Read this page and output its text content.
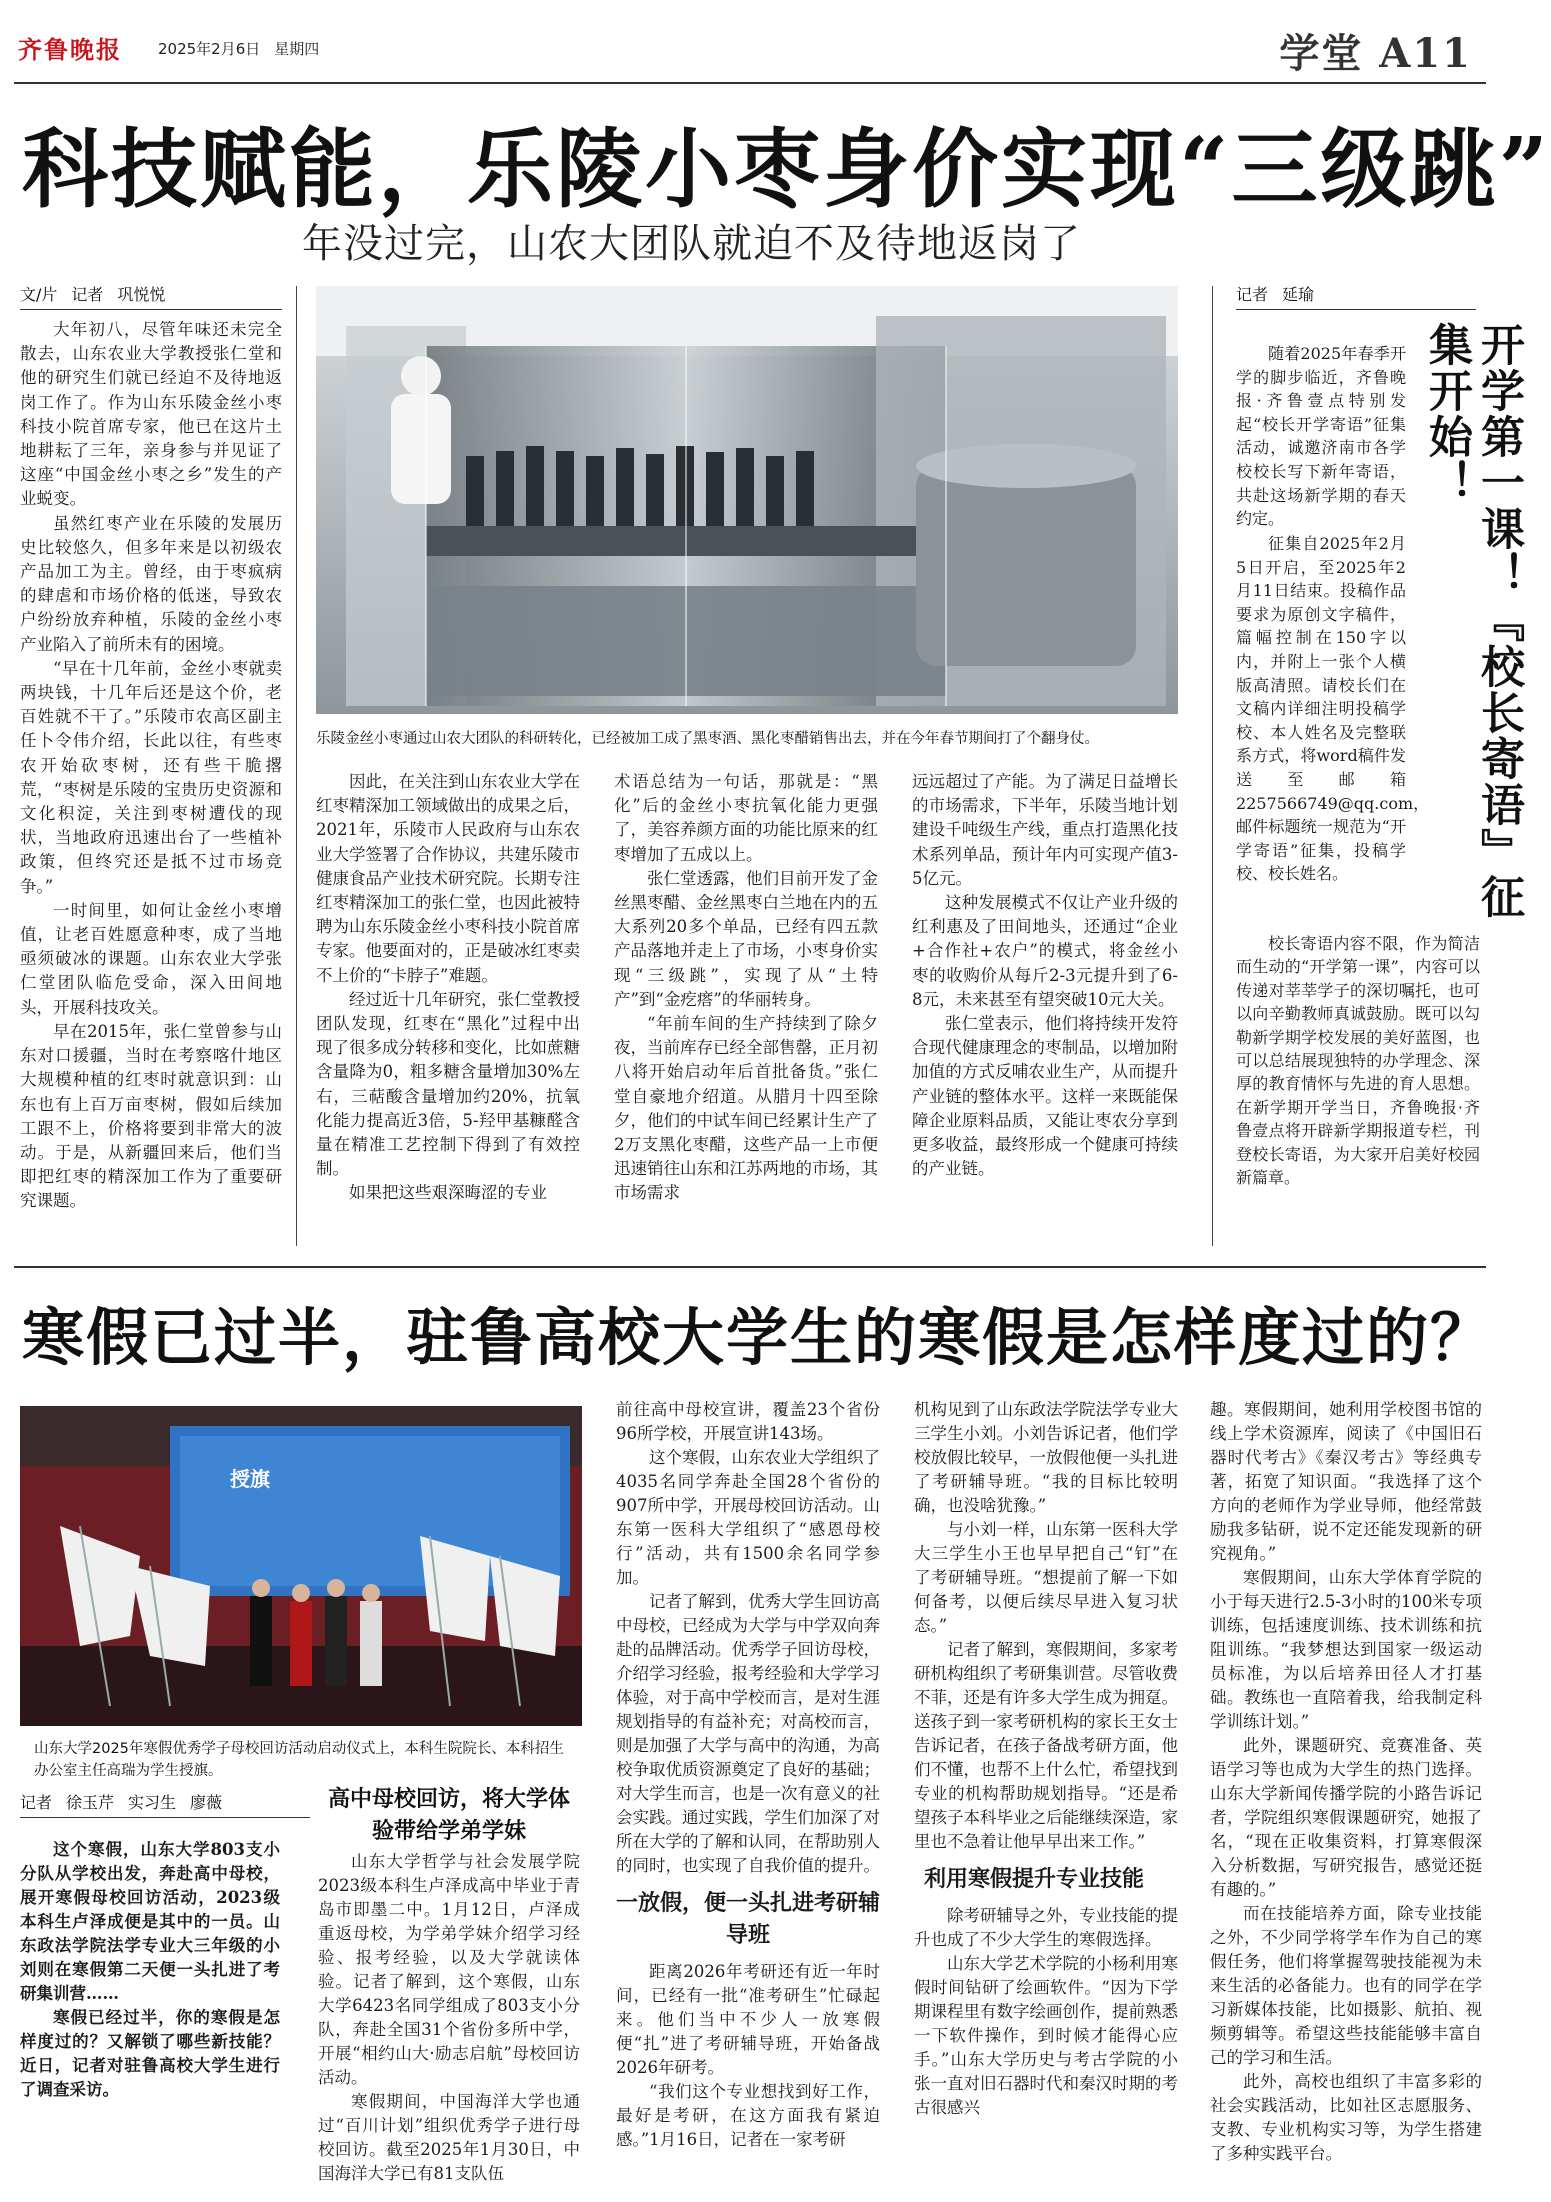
齐鲁晚报 2025年2月6日 星期四	学堂 A11
科技赋能，乐陵小枣身价实现“三级跳”
年没过完，山农大团队就迫不及待地返岗了
文/片 记者 巩悦悦
乐陵金丝小枣通过山农大团队的科研转化，已经被加工成了黑枣酒、黑化枣醋销售出去，并在今年春节期间打了个翻身仗。

大年初八，尽管年味还未完全散去，山东农业大学教授张仁堂和他的研究生们就已经迫不及待地返岗工作了。作为山东乐陵金丝小枣科技小院首席专家，他已在这片土地耕耘了三年，亲身参与并见证了这座“中国金丝小枣之乡”发生的产业蜕变。

虽然红枣产业在乐陵的发展历史比较悠久，但多年来是以初级农产品加工为主。曾经，由于枣疯病的肆虐和市场价格的低迷，导致农户纷纷放弃种植，乐陵的金丝小枣产业陷入了前所未有的困境。

“早在十几年前，金丝小枣就卖两块钱，十几年后还是这个价，老百姓就不干了。”乐陵市农高区副主任卜令伟介绍，长此以往，有些枣农开始砍枣树，还有些干脆撂荒，“枣树是乐陵的宝贵历史资源和文化积淀，关注到枣树遭伐的现状，当地政府迅速出台了一些植补政策，但终究还是抵不过市场竞争。”

一时间里，如何让金丝小枣增值，让老百姓愿意种枣，成了当地亟须破冰的课题。山东农业大学张仁堂团队临危受命，深入田间地头，开展科技攻关。

早在2015年，张仁堂曾参与山东对口援疆，当时在考察喀什地区大规模种植的红枣时就意识到：山东也有上百万亩枣树，假如后续加工跟不上，价格将要到非常大的波动。于是，从新疆回来后，他们当即把红枣的精深加工作为了重要研究课题。

因此，在关注到山东农业大学在红枣精深加工领域做出的成果之后，2021年，乐陵市人民政府与山东农业大学签署了合作协议，共建乐陵市健康食品产业技术研究院。长期专注红枣精深加工的张仁堂，也因此被特聘为山东乐陵金丝小枣科技小院首席专家。他要面对的，正是破冰红枣卖不上价的“卡脖子”难题。

经过近十几年研究，张仁堂教授团队发现，红枣在“黑化”过程中出现了很多成分转移和变化，比如蔗糖含量降为0，粗多糖含量增加30%左右，三萜酸含量增加约20%，抗氧化能力提高近3倍，5-羟甲基糠醛含量在精准工艺控制下得到了有效控制。

如果把这些艰深晦涩的专业

术语总结为一句话，那就是：“黑化”后的金丝小枣抗氧化能力更强了，美容养颜方面的功能比原来的红枣增加了五成以上。

张仁堂透露，他们目前开发了金丝黑枣醋、金丝黑枣白兰地在内的五大系列20多个单品，已经有四五款产品落地并走上了市场，小枣身价实现“三级跳”，实现了从“土特产”到“金疙瘩”的华丽转身。

“年前车间的生产持续到了除夕夜，当前库存已经全部售罄，正月初八将开始启动年后首批备货。”张仁堂自豪地介绍道。从腊月十四至除夕，他们的中试车间已经累计生产了2万支黑化枣醋，这些产品一上市便迅速销往山东和江苏两地的市场，其市场需求

远远超过了产能。为了满足日益增长的市场需求，下半年，乐陵当地计划建设千吨级生产线，重点打造黑化技术系列单品，预计年内可实现产值3-5亿元。

这种发展模式不仅让产业升级的红利惠及了田间地头，还通过“企业+合作社+农户”的模式，将金丝小枣的收购价从每斤2-3元提升到了6-8元，未来甚至有望突破10元大关。

张仁堂表示，他们将持续开发符合现代健康理念的枣制品，以增加附加值的方式反哺农业生产，从而提升产业链的整体水平。这样一来既能保障企业原料品质，又能让枣农分享到更多收益，最终形成一个健康可持续的产业链。

记者 延瑜
开学第一课！『校长寄语』征集开始！

随着2025年春季开学的脚步临近，齐鲁晚报·齐鲁壹点特别发起“校长开学寄语”征集活动，诚邀济南市各学校校长写下新年寄语，共赴这场新学期的春天约定。

校长寄语内容不限，作为简洁而生动的“开学第一课”，内容可以传递对莘莘学子的深切嘱托，也可以向辛勤教师真诚鼓励。既可以勾勒新学期学校发展的美好蓝图，也可以总结展现独特的办学理念、深厚的教育情怀与先进的育人思想。在新学期开学当日，齐鲁晚报·齐鲁壹点将开辟新学期报道专栏，刊登校长寄语，为大家开启美好校园新篇章。

征集自2025年2月5日开启，至2025年2月11日结束。投稿作品要求为原创文字稿件，篇幅控制在150字以内，并附上一张个人横版高清照。请校长们在文稿内详细注明投稿学校、本人姓名及完整联系方式，将word稿件发送至邮箱2257566749@qq.com，邮件标题统一规范为“开学寄语”征集，投稿学校、校长姓名。

寒假已过半，驻鲁高校大学生的寒假是怎样度过的？
授旗
山东大学2025年寒假优秀学子母校回访活动启动仪式上，本科生院院长、本科招生办公室主任高瑞为学生授旗。
记者 徐玉芹 实习生 廖薇

这个寒假，山东大学803支小分队从学校出发，奔赴高中母校，展开寒假母校回访活动，2023级本科生卢泽成便是其中的一员。山东政法学院法学专业大三年级的小刘则在寒假第二天便一头扎进了考研集训营……

寒假已经过半，你的寒假是怎样度过的？又解锁了哪些新技能？近日，记者对驻鲁高校大学生进行了调查采访。

高中母校回访，将大学体验带给学弟学妹

山东大学哲学与社会发展学院2023级本科生卢泽成高中毕业于青岛市即墨二中。1月12日，卢泽成重返母校，为学弟学妹介绍学习经验、报考经验，以及大学就读体验。记者了解到，这个寒假，山东大学6423名同学组成了803支小分队，奔赴全国31个省份多所中学，开展“相约山大·励志启航”母校回访活动。

寒假期间，中国海洋大学也通过“百川计划”组织优秀学子进行母校回访。截至2025年1月30日，中国海洋大学已有81支队伍

前往高中母校宣讲，覆盖23个省份96所学校，开展宣讲143场。

这个寒假，山东农业大学组织了4035名同学奔赴全国28个省份的907所中学，开展母校回访活动。山东第一医科大学组织了“感恩母校行”活动，共有1500余名同学参加。

记者了解到，优秀大学生回访高中母校，已经成为大学与中学双向奔赴的品牌活动。优秀学子回访母校，介绍学习经验，报考经验和大学学习体验，对于高中学校而言，是对生涯规划指导的有益补充；对高校而言，则是加强了大学与高中的沟通，为高校争取优质资源奠定了良好的基础；对大学生而言，也是一次有意义的社会实践。通过实践，学生们加深了对所在大学的了解和认同，在帮助别人的同时，也实现了自我价值的提升。

一放假，便一头扎进考研辅导班

距离2026年考研还有近一年时间，已经有一批“准考研生”忙碌起来。他们当中不少人一放寒假便“扎”进了考研辅导班，开始备战2026年研考。

“我们这个专业想找到好工作，最好是考研，在这方面我有紧迫感。”1月16日，记者在一家考研

机构见到了山东政法学院法学专业大三学生小刘。小刘告诉记者，他们学校放假比较早，一放假他便一头扎进了考研辅导班。“我的目标比较明确，也没啥犹豫。”

与小刘一样，山东第一医科大学大三学生小王也早早把自己“钉”在了考研辅导班。“想提前了解一下如何备考，以便后续尽早进入复习状态。”

记者了解到，寒假期间，多家考研机构组织了考研集训营。尽管收费不菲，还是有许多大学生成为拥趸。送孩子到一家考研机构的家长王女士告诉记者，在孩子备战考研方面，他们不懂，也帮不上什么忙，希望找到专业的机构帮助规划指导。“还是希望孩子本科毕业之后能继续深造，家里也不急着让他早早出来工作。”

利用寒假提升专业技能

除考研辅导之外，专业技能的提升也成了不少大学生的寒假选择。

山东大学艺术学院的小杨利用寒假时间钻研了绘画软件。“因为下学期课程里有数字绘画创作，提前熟悉一下软件操作，到时候才能得心应手。”山东大学历史与考古学院的小张一直对旧石器时代和秦汉时期的考古很感兴

趣。寒假期间，她利用学校图书馆的线上学术资源库，阅读了《中国旧石器时代考古》《秦汉考古》等经典专著，拓宽了知识面。“我选择了这个方向的老师作为学业导师，他经常鼓励我多钻研，说不定还能发现新的研究视角。”

寒假期间，山东大学体育学院的小于每天进行2.5-3小时的100米专项训练，包括速度训练、技术训练和抗阻训练。“我梦想达到国家一级运动员标准，为以后培养田径人才打基础。教练也一直陪着我，给我制定科学训练计划。”

此外，课题研究、竞赛准备、英语学习等也成为大学生的热门选择。山东大学新闻传播学院的小路告诉记者，学院组织寒假课题研究，她报了名，“现在正收集资料，打算寒假深入分析数据，写研究报告，感觉还挺有趣的。”

而在技能培养方面，除专业技能之外，不少同学将学车作为自己的寒假任务，他们将掌握驾驶技能视为未来生活的必备能力。也有的同学在学习新媒体技能，比如摄影、航拍、视频剪辑等。希望这些技能能够丰富自己的学习和生活。

此外，高校也组织了丰富多彩的社会实践活动，比如社区志愿服务、支教、专业机构实习等，为学生搭建了多种实践平台。
